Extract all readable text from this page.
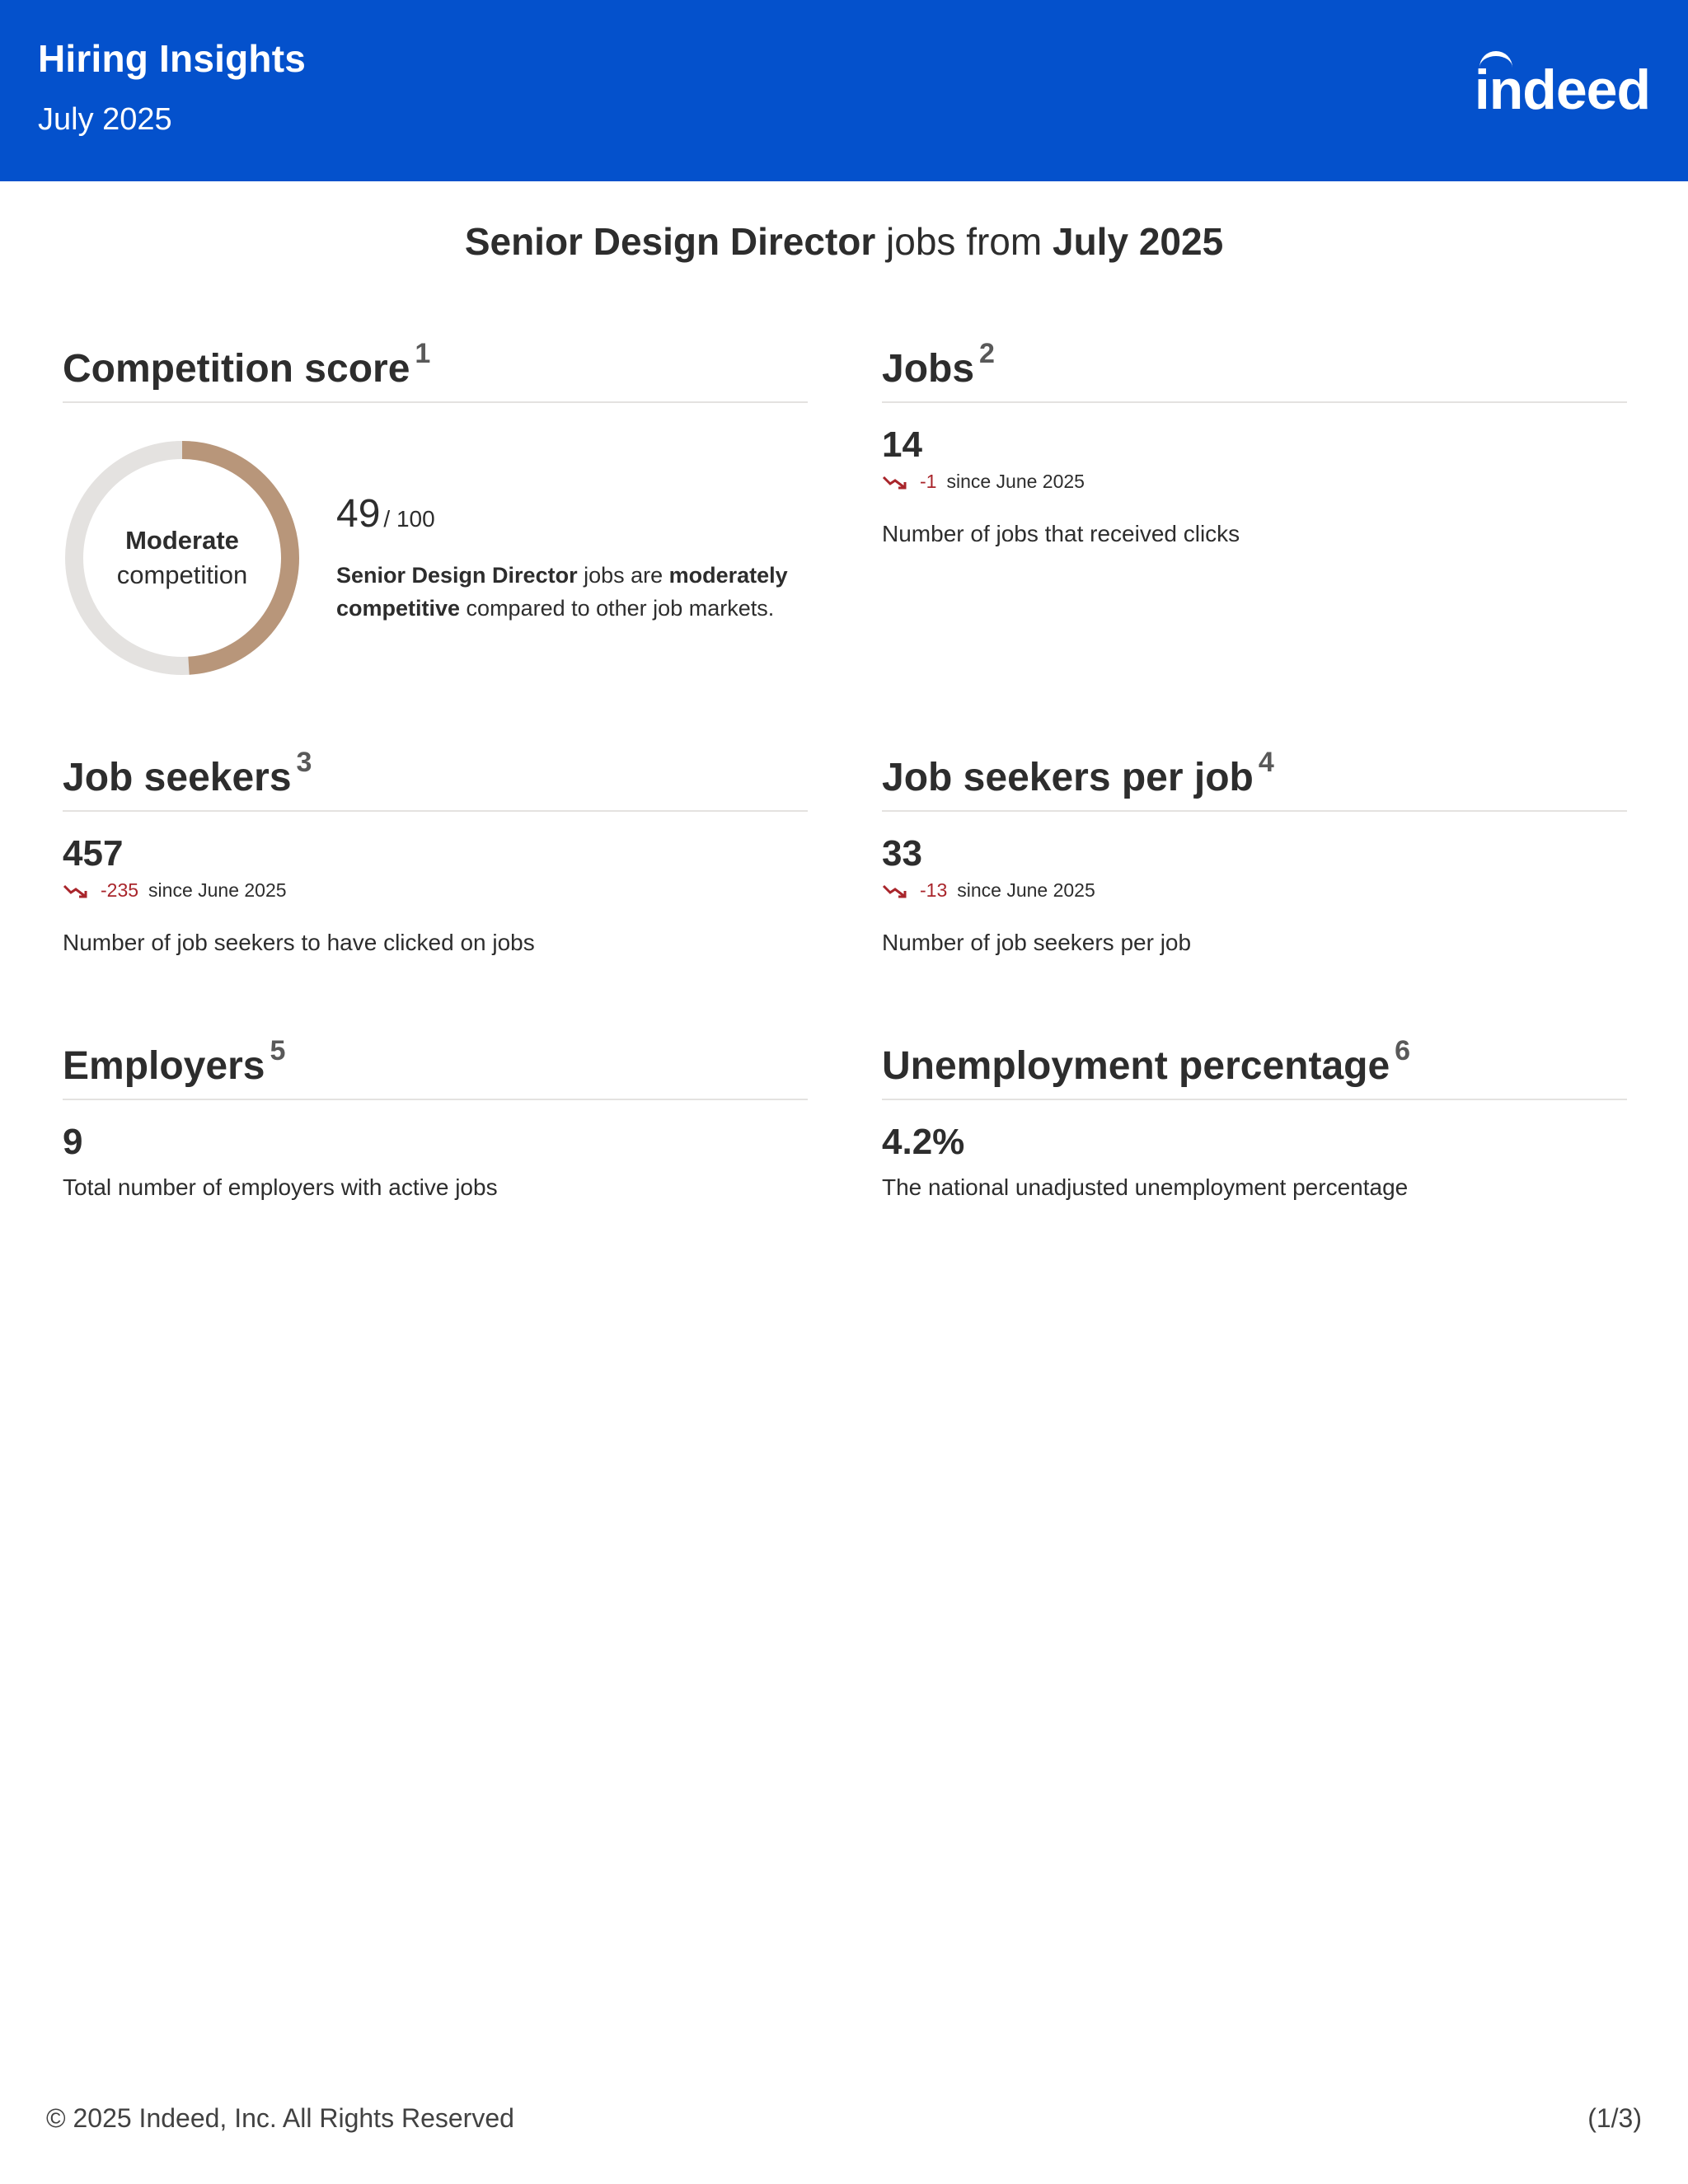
Hiring Insights
July 2025	indeed
Senior Design Director jobs from July 2025
Competition score $^1$
Moderate
competition
49 / 100
Senior Design Director jobs are moderately competitive compared to other job markets.
Jobs $^2$
14
-1 since June 2025
Number of jobs that received clicks
Job seekers $^3$
457
-235 since June 2025
Number of job seekers to have clicked on jobs
Job seekers per job $^4$
33
-13 since June 2025
Number of job seekers per job
Employers $^5$
9
Total number of employers with active jobs
Unemployment percentage $^6$
4.2%
The national unadjusted unemployment percentage
© 2025 Indeed, Inc. All Rights Reserved	(1/3)
